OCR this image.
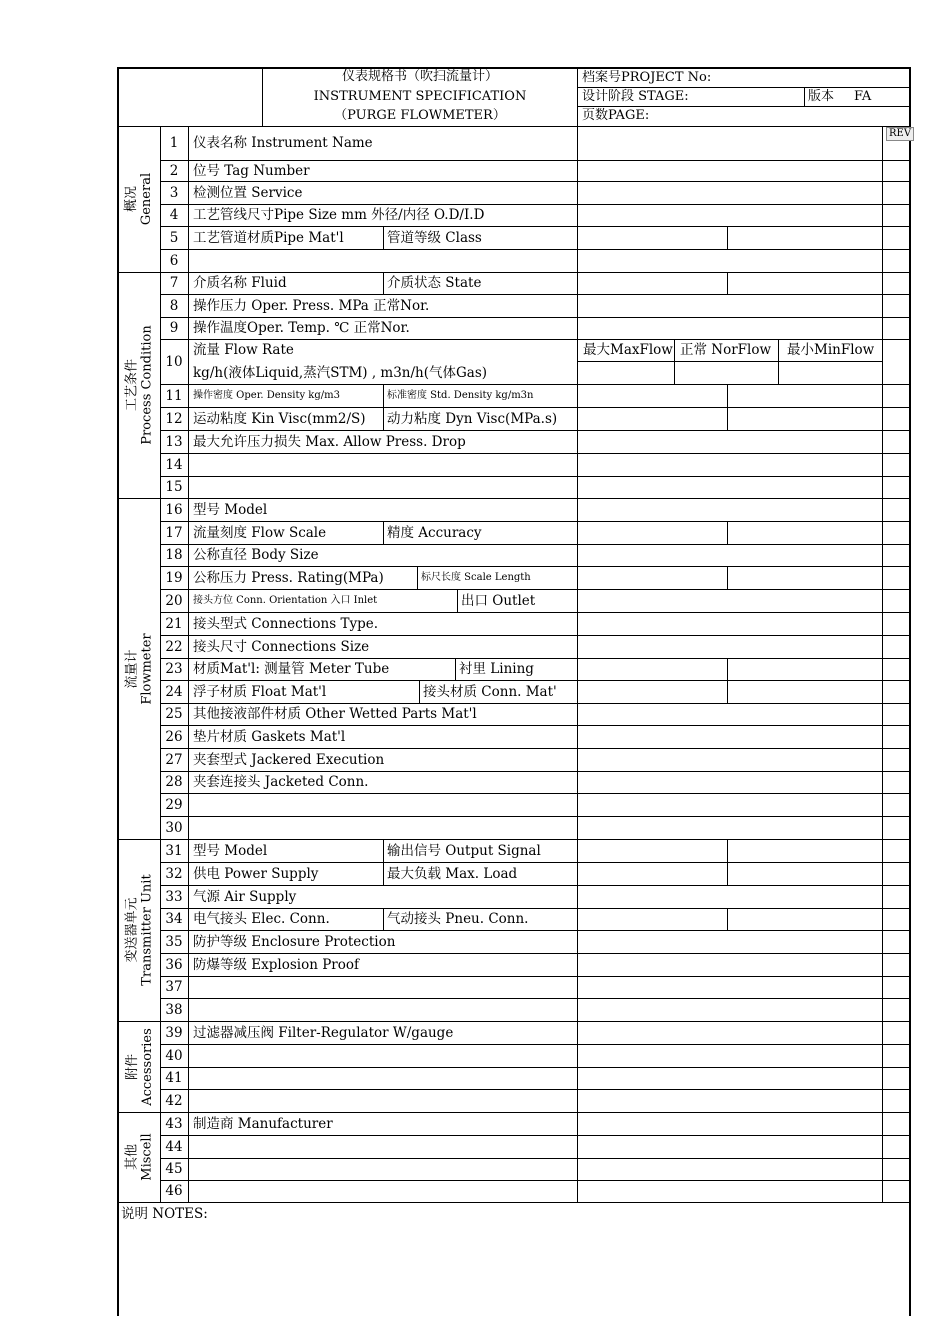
仪表规格书（吹扫流量计）
INSTRUMENT SPECIFICATION
（PURGE FLOWMETER）
档案号PROJECT No:
设计阶段 STAGE:	版本 FA
页数PAGE:
REV
1	仪表名称 Instrument Name
2	位号 Tag Number
3	检测位置 Service
4	工艺管线尺寸Pipe Size mm 外径/内径 O.D/I.D
5	工艺管道材质Pipe Mat'l	管道等级 Class
6
7	介质名称 Fluid	介质状态 State
8	操作压力 Oper. Press. MPa 正常Nor.
9	操作温度Oper. Temp. ℃ 正常Nor.
10
流量 Flow Rate
kg/h(液体Liquid,蒸汽STM) , m3n/h(气体Gas)
最大MaxFlow 正常 NorFlow 最小MinFlow
11	操作密度 Oper. Density kg/m3	标准密度 Std. Density kg/m3n
12 运动粘度 Kin Visc(mm2/S) 动力粘度 Dyn Visc(MPa.s)
13 最大允许压力损失 Max. Allow Press. Drop
14
15
16 型号 Model
17 流量刻度 Flow Scale	精度 Accuracy
18 公称直径 Body Size
19 公称压力 Press. Rating(MPa)	标尺长度 Scale Length
20	接头方位 Conn. Orientation 入口 Inlet	出口 Outlet
21 接头型式 Connections Type.
22 接头尺寸 Connections Size
23 材质Mat'l: 测量管 Meter Tube	衬里 Lining
24 浮子材质 Float Mat'l	接头材质 Conn. Mat'
25 其他接液部件材质 Other Wetted Parts Mat'l
26 垫片材质 Gaskets Mat'l
27 夹套型式 Jackered Execution
28 夹套连接头 Jacketed Conn.
29
30
31 型号 Model	输出信号 Output Signal
32 供电 Power Supply	最大负载 Max. Load
33 气源 Air Supply
34 电气接头 Elec. Conn.	气动接头 Pneu. Conn.
35 防护等级 Enclosure Protection
36 防爆等级 Explosion Proof
37
38
39 过滤器减压阀 Filter-Regulator W/gauge
40
41
42
43 制造商 Manufacturer
44
45
46
概况 General
工艺条件 Process Condition
流量计 Flowmeter
变送器单元 Transmitter Unit
附件 Accessories
其他 Miscell
说明 NOTES:
